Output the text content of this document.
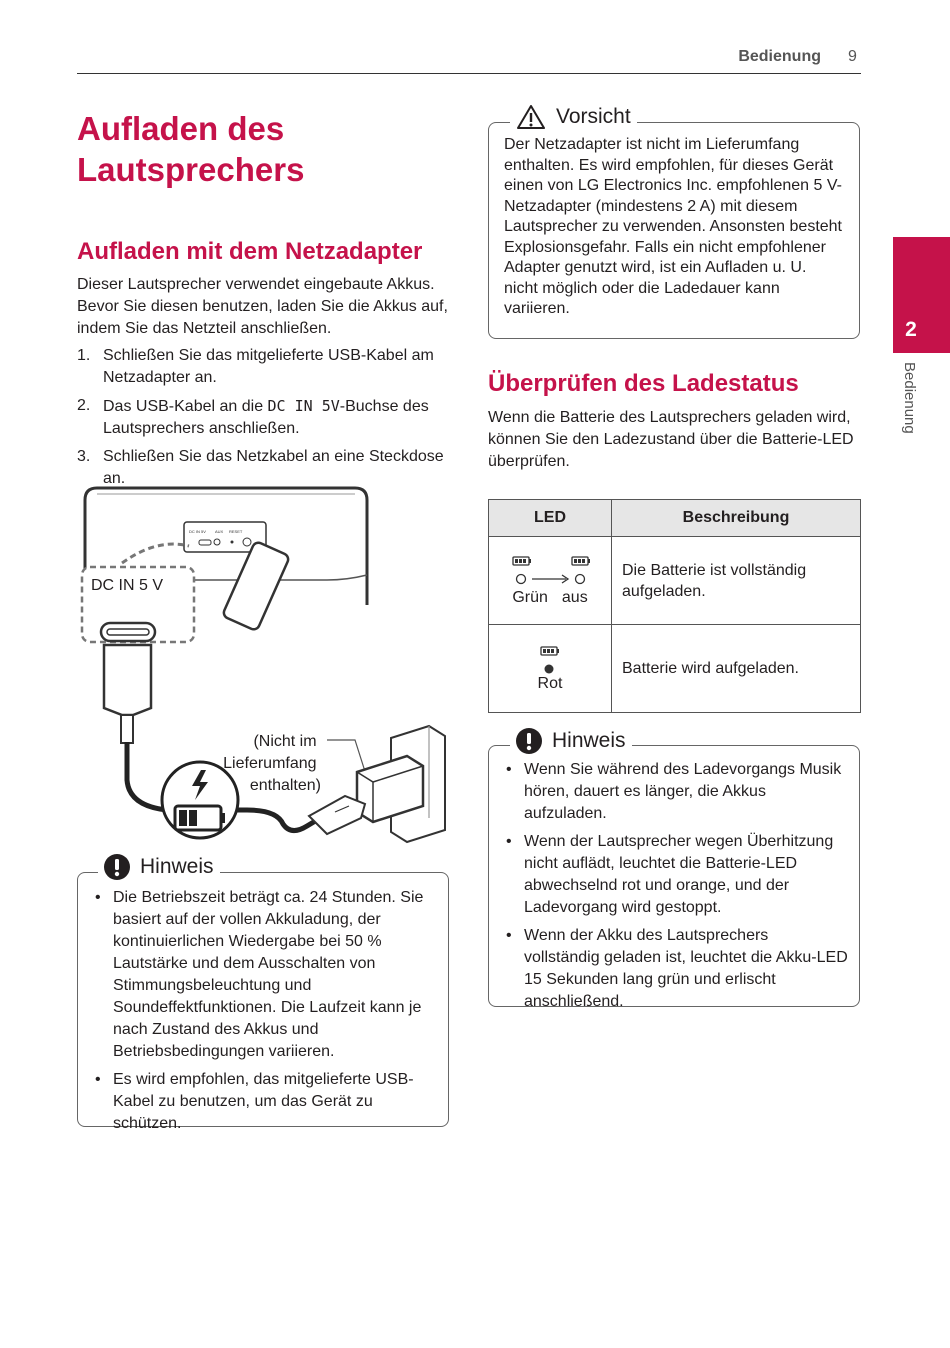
Bedienung 9
2
Bedienung
Aufladen des Lautsprechers
Aufladen mit dem Netzadapter

Dieser Lautsprecher verwendet eingebaute Akkus. Bevor Sie diesen benutzen, laden Sie die Akkus auf, indem Sie das Netzteil anschließen.

1. Schließen Sie das mitgelieferte USB-Kabel am Netzadapter an.
2. Das USB-Kabel an die DC IN 5V-Buchse des Lautsprechers anschließen.
3. Schließen Sie das Netzkabel an eine Steckdose an.
DC IN 5V AUX RESET
DC IN 5 V
(Nicht im Lieferumfang enthalten)
Hinweis
• Die Betriebszeit beträgt ca. 24 Stunden. Sie basiert auf der vollen Akkuladung, der kontinuierlichen Wiedergabe bei 50 % Lautstärke und dem Ausschalten von Stimmungsbeleuchtung und Soundeffektfunktionen. Die Laufzeit kann je nach Zustand des Akkus und Betriebsbedingungen variieren.
• Es wird empfohlen, das mitgelieferte USB-Kabel zu benutzen, um das Gerät zu schützen.
Vorsicht

Der Netzadapter ist nicht im Lieferumfang enthalten. Es wird empfohlen, für dieses Gerät einen von LG Electronics Inc. empfohlenen 5 V-Netzadapter (mindestens 2 A) mit diesem Lautsprecher zu verwenden. Ansonsten besteht Explosionsgefahr. Falls ein nicht empfohlener Adapter genutzt wird, ist ein Aufladen u. U. nicht möglich oder die Ladedauer kann variieren.

Überprüfen des Ladestatus

Wenn die Batterie des Lautsprechers geladen wird, können Sie den Ladezustand über die Batterie-LED überprüfen.

LED	Beschreibung

Grün aus	Die Batterie ist vollständig aufgeladen.

Rot	Batterie wird aufgeladen.
Hinweis
• Wenn Sie während des Ladevorgangs Musik hören, dauert es länger, die Akkus aufzuladen.
• Wenn der Lautsprecher wegen Überhitzung nicht auflädt, leuchtet die Batterie-LED abwechselnd rot und orange, und der Ladevorgang wird gestoppt.
• Wenn der Akku des Lautsprechers vollständig geladen ist, leuchtet die Akku-LED 15 Sekunden lang grün und erlischt anschließend.
